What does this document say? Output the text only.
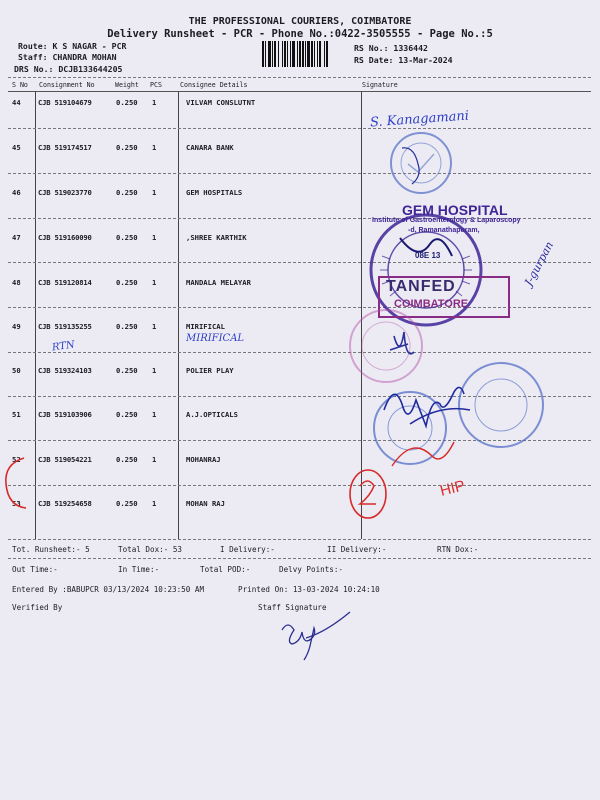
THE PROFESSIONAL COURIERS, COIMBATORE
Delivery Runsheet - PCR - Phone No.:0422-3505555 - Page No.:5
Route: K S NAGAR - PCR
Staff: CHANDRA MOHAN
DRS No.: DCJB133644205
RS No.: 1336442
RS Date: 13-Mar-2024
S No Consignment No	Weight PCS	Consignee Details	Signature
44 CJB 519104679	0.250 1	VILVAM CONSLUTNT
45 CJB 519174517	0.250 1	CANARA BANK
46 CJB 519023770	0.250 1	GEM HOSPITALS
47 CJB 519160090	0.250 1	,SHREE KARTHIK
48 CJB 519120814	0.250 1	MANDALA MELAYAR
49 CJB 519135255	0.250 1	MIRIFICAL
50 CJB 519324103	0.250 1	POLIER PLAY
51 CJB 519103906	0.250 1	A.J.OPTICALS
52 CJB 519054221	0.250 1	MOHANRAJ
53 CJB 519254658	0.250 1	MOHAN RAJ
Tot. Runsheet:- 5	Total Dox:- 53	I Delivery:-	II Delivery:-	RTN Dox:-
Out Time:-	In Time:-	Total POD:-	Delvy Points:-
Entered By :BABUPCR 03/13/2024 10:23:50 AM	Printed On: 13-03-2024 10:24:10
Verified By	Staff Signature
S. Kanagamani
GEM HOSPITAL
Institute of Gastroenterology & Laparoscopy
-d, Ramanathapuram,
08E 13
TANFED
COIMBATORE
J-gurpan
RTN
MIRIFICAL
HIP
